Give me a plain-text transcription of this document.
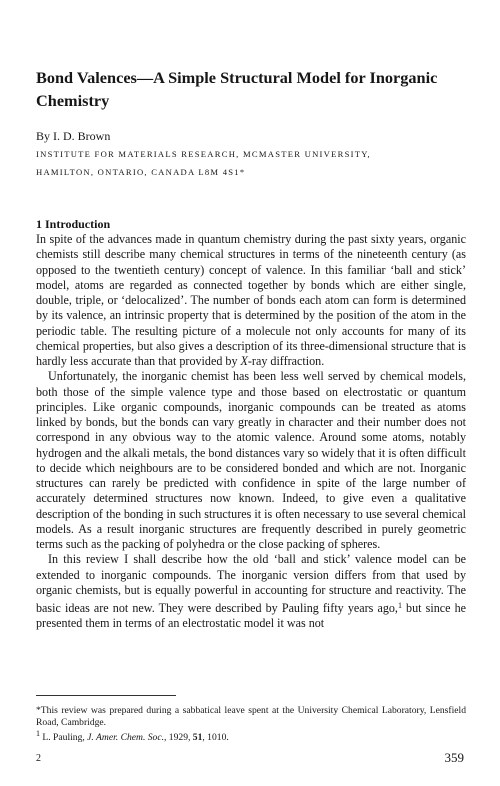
Bond Valences—A Simple Structural Model for Inorganic Chemistry
By I. D. Brown
INSTITUTE FOR MATERIALS RESEARCH, MCMASTER UNIVERSITY,
HAMILTON, ONTARIO, CANADA L8M 4S1*
1 Introduction

In spite of the advances made in quantum chemistry during the past sixty years, organic chemists still describe many chemical structures in terms of the nineteenth century (as opposed to the twentieth century) concept of valence. In this familiar ‘ball and stick’ model, atoms are regarded as connected together by bonds which are either single, double, triple, or ‘delocalized’. The number of bonds each atom can form is determined by its valence, an intrinsic property that is determined by the position of the atom in the periodic table. The resulting picture of a molecule not only accounts for many of its chemical properties, but also gives a description of its three-dimensional structure that is hardly less accurate than that provided by X-ray diffraction.

Unfortunately, the inorganic chemist has been less well served by chemical models, both those of the simple valence type and those based on electrostatic or quantum principles. Like organic compounds, inorganic compounds can be treated as atoms linked by bonds, but the bonds can vary greatly in character and their number does not correspond in any obvious way to the atomic valence. Around some atoms, notably hydrogen and the alkali metals, the bond distances vary so widely that it is often difficult to decide which neighbours are to be considered bonded and which are not. Inorganic structures can rarely be predicted with confidence in spite of the large number of accurately determined structures now known. Indeed, to give even a qualitative description of the bonding in such structures it is often necessary to use several chemical models. As a result inorganic structures are frequently described in purely geometric terms such as the packing of polyhedra or the close packing of spheres.

In this review I shall describe how the old ‘ball and stick’ valence model can be extended to inorganic compounds. The inorganic version differs from that used by organic chemists, but is equally powerful in accounting for structure and reactivity. The basic ideas are not new. They were described by Pauling fifty years ago,$^1$ but since he presented them in terms of an electrostatic model it was not

*This review was prepared during a sabbatical leave spent at the University Chemical Laboratory, Lensfield Road, Cambridge.

$^1$ L. Pauling, J. Amer. Chem. Soc., 1929, 51, 1010.

2	359
